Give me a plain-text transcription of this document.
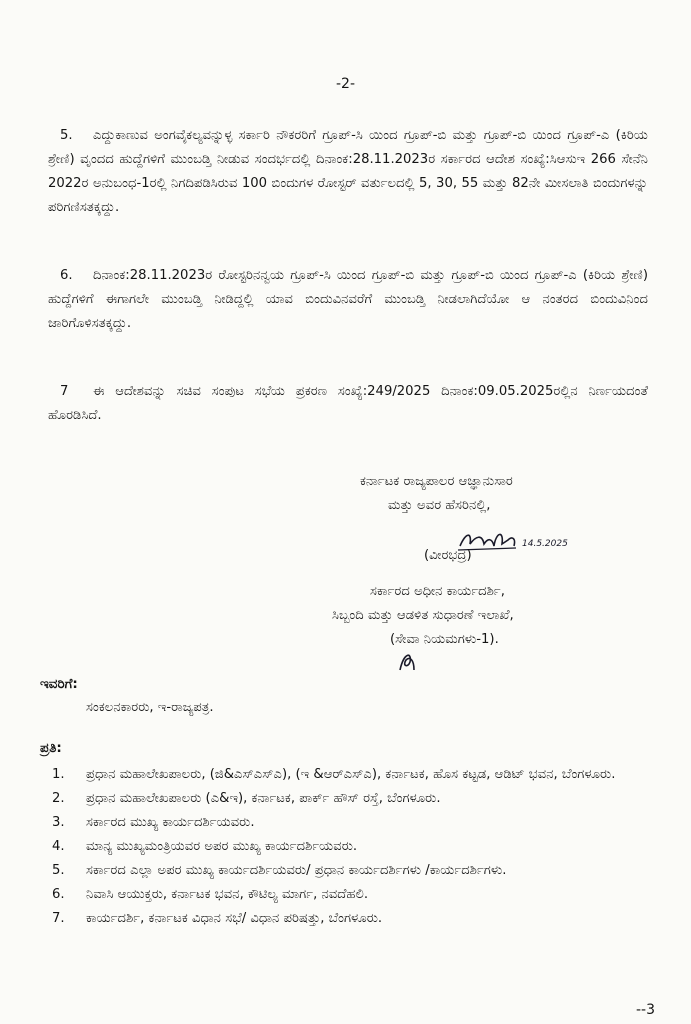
-2-
5. ಎದ್ದುಕಾಣುವ ಅಂಗವೈಕಲ್ಯವನ್ನುಳ್ಳ ಸರ್ಕಾರಿ ನೌಕರರಿಗೆ ಗ್ರೂಪ್-ಸಿ ಯಿಂದ ಗ್ರೂಪ್-ಬಿ ಮತ್ತು ಗ್ರೂಪ್-ಬಿ ಯಿಂದ ಗ್ರೂಪ್-ಎ (ಕಿರಿಯ ಶ್ರೇಣಿ) ವೃಂದದ ಹುದ್ದೆಗಳಿಗೆ ಮುಂಬಡ್ತಿ ನೀಡುವ ಸಂದರ್ಭದಲ್ಲಿ ದಿನಾಂಕ:28.11.2023ರ ಸರ್ಕಾರದ ಆದೇಶ ಸಂಖ್ಯೆ:ಸಿಆಸುಇ 266 ಸೇನೆನಿ 2022ರ ಅನುಬಂಧ-1ರಲ್ಲಿ ನಿಗದಿಪಡಿಸಿರುವ 100 ಬಿಂದುಗಳ ರೋಸ್ಟರ್ ವರ್ತುಲದಲ್ಲಿ 5, 30, 55 ಮತ್ತು 82ನೇ ಮೀಸಲಾತಿ ಬಿಂದುಗಳನ್ನು ಪರಿಗಣಿಸತಕ್ಕದ್ದು.
6. ದಿನಾಂಕ:28.11.2023ರ ರೋಸ್ಟರಿನನ್ವಯ ಗ್ರೂಪ್-ಸಿ ಯಿಂದ ಗ್ರೂಪ್-ಬಿ ಮತ್ತು ಗ್ರೂಪ್-ಬಿ ಯಿಂದ ಗ್ರೂಪ್-ಎ (ಕಿರಿಯ ಶ್ರೇಣಿ) ಹುದ್ದೆಗಳಿಗೆ ಈಗಾಗಲೇ ಮುಂಬಡ್ತಿ ನೀಡಿದ್ದಲ್ಲಿ ಯಾವ ಬಿಂದುವಿನವರೆಗೆ ಮುಂಬಡ್ತಿ ನೀಡಲಾಗಿದೆಯೋ ಆ ನಂತರದ ಬಿಂದುವಿನಿಂದ ಜಾರಿಗೊಳಿಸತಕ್ಕದ್ದು.
7 ಈ ಆದೇಶವನ್ನು ಸಚಿವ ಸಂಪುಟ ಸಭೆಯ ಪ್ರಕರಣ ಸಂಖ್ಯೆ:249/2025 ದಿನಾಂಕ:09.05.2025ರಲ್ಲಿನ ನಿರ್ಣಯದಂತೆ ಹೊರಡಿಸಿದೆ.
ಕರ್ನಾಟಕ ರಾಜ್ಯಪಾಲರ ಆಜ್ಞಾನುಸಾರ
ಮತ್ತು ಅವರ ಹೆಸರಿನಲ್ಲಿ,
14.5.2025
(ವೀರಭದ್ರ)
ಸರ್ಕಾರದ ಅಧೀನ ಕಾರ್ಯದರ್ಶಿ,
ಸಿಬ್ಬಂದಿ ಮತ್ತು ಆಡಳಿತ ಸುಧಾರಣೆ ಇಲಾಖೆ,
(ಸೇವಾ ನಿಯಮಗಳು-1).
ಇವರಿಗೆ:
ಸಂಕಲನಕಾರರು, ಇ-ರಾಜ್ಯಪತ್ರ.
ಪ್ರತಿ:
1. ಪ್ರಧಾನ ಮಹಾಲೇಖಪಾಲರು, (ಜಿ&ಎಸ್‌ಎಸ್‌ಎ), (ಇ &ಆರ್‌ಎಸ್‌ಎ), ಕರ್ನಾಟಕ, ಹೊಸ ಕಟ್ಟಡ, ಆಡಿಟ್ ಭವನ, ಬೆಂಗಳೂರು.
2. ಪ್ರಧಾನ ಮಹಾಲೇಖಪಾಲರು (ಎ&ಇ), ಕರ್ನಾಟಕ, ಪಾರ್ಕ್ ಹೌಸ್ ರಸ್ತೆ, ಬೆಂಗಳೂರು.
3. ಸರ್ಕಾರದ ಮುಖ್ಯ ಕಾರ್ಯದರ್ಶಿಯವರು.
4. ಮಾನ್ಯ ಮುಖ್ಯಮಂತ್ರಿಯವರ ಅಪರ ಮುಖ್ಯ ಕಾರ್ಯದರ್ಶಿಯವರು.
5. ಸರ್ಕಾರದ ಎಲ್ಲಾ ಅಪರ ಮುಖ್ಯ ಕಾರ್ಯದರ್ಶಿಯವರು/ ಪ್ರಧಾನ ಕಾರ್ಯದರ್ಶಿಗಳು /ಕಾರ್ಯದರ್ಶಿಗಳು.
6. ನಿವಾಸಿ ಆಯುಕ್ತರು, ಕರ್ನಾಟಕ ಭವನ, ಕೌಟಿಲ್ಯ ಮಾರ್ಗ, ನವದೆಹಲಿ.
7. ಕಾರ್ಯದರ್ಶಿ, ಕರ್ನಾಟಕ ವಿಧಾನ ಸಭೆ/ ವಿಧಾನ ಪರಿಷತ್ತು, ಬೆಂಗಳೂರು.
--3
